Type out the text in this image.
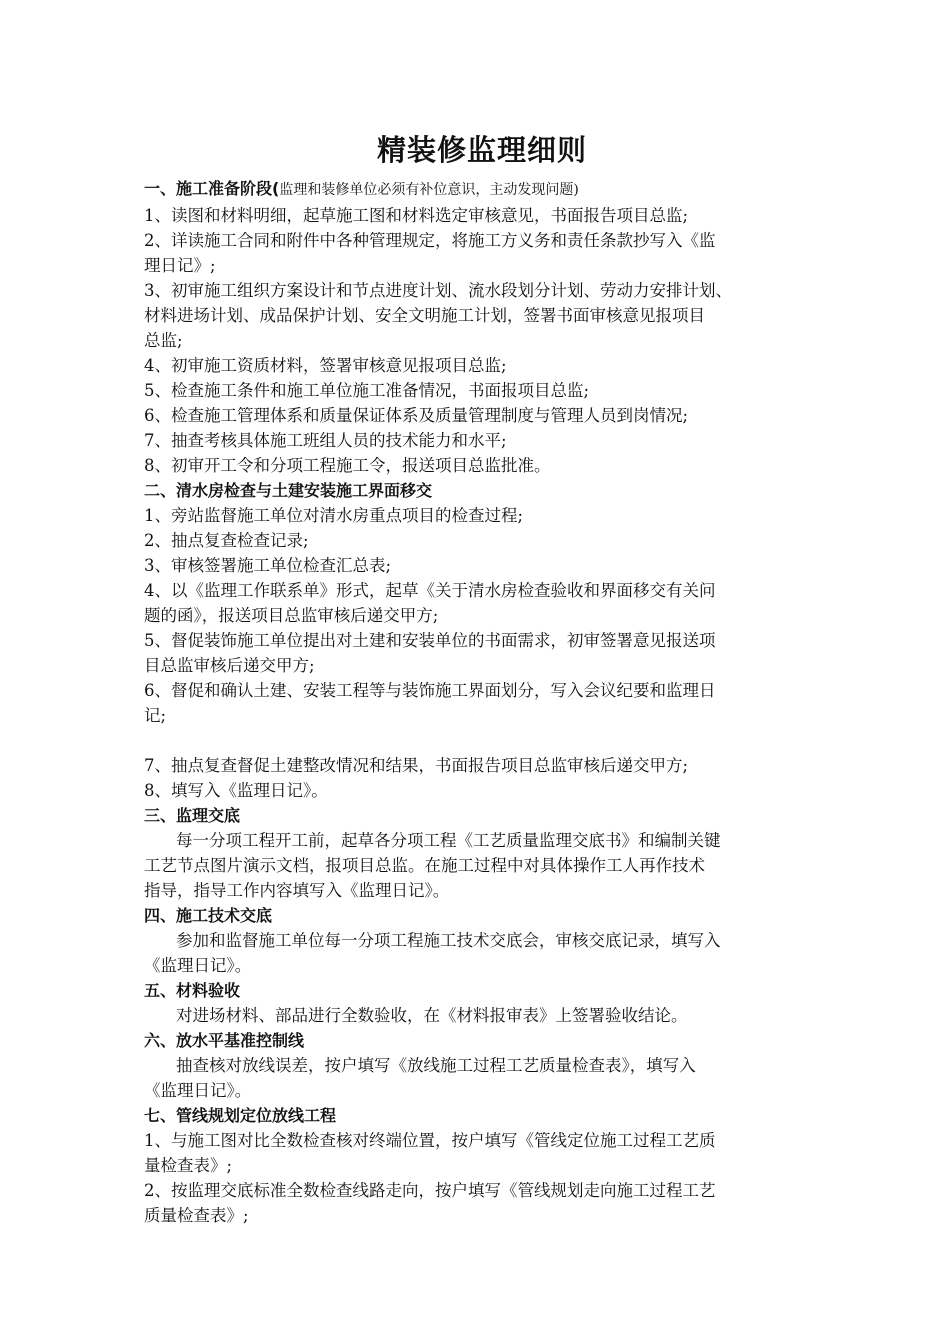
精装修监理细则
一、施工准备阶段(监理和装修单位必须有补位意识，主动发现问题)

1、读图和材料明细，起草施工图和材料选定审核意见，书面报告项目总监;

2、详读施工合同和附件中各种管理规定，将施工方义务和责任条款抄写入《监

理日记》;

3、初审施工组织方案设计和节点进度计划、流水段划分计划、劳动力安排计划、

材料进场计划、成品保护计划、安全文明施工计划，签署书面审核意见报项目

总监;

4、初审施工资质材料，签署审核意见报项目总监;

5、检查施工条件和施工单位施工准备情况，书面报项目总监;

6、检查施工管理体系和质量保证体系及质量管理制度与管理人员到岗情况;

7、抽查考核具体施工班组人员的技术能力和水平;

8、初审开工令和分项工程施工令，报送项目总监批准。

二、清水房检查与土建安装施工界面移交

1、旁站监督施工单位对清水房重点项目的检查过程;

2、抽点复查检查记录;

3、审核签署施工单位检查汇总表;

4、以《监理工作联系单》形式，起草《关于清水房检查验收和界面移交有关问

题的函》，报送项目总监审核后递交甲方;

5、督促装饰施工单位提出对土建和安装单位的书面需求，初审签署意见报送项

目总监审核后递交甲方;

6、督促和确认土建、安装工程等与装饰施工界面划分，写入会议纪要和监理日

记;

7、抽点复查督促土建整改情况和结果，书面报告项目总监审核后递交甲方;

8、填写入《监理日记》。

三、监理交底

每一分项工程开工前，起草各分项工程《工艺质量监理交底书》和编制关键

工艺节点图片演示文档，报项目总监。在施工过程中对具体操作工人再作技术

指导，指导工作内容填写入《监理日记》。

四、施工技术交底

参加和监督施工单位每一分项工程施工技术交底会，审核交底记录，填写入

《监理日记》。

五、材料验收

对进场材料、部品进行全数验收，在《材料报审表》上签署验收结论。

六、放水平基准控制线

抽查核对放线误差，按户填写《放线施工过程工艺质量检查表》，填写入

《监理日记》。

七、管线规划定位放线工程

1、与施工图对比全数检查核对终端位置，按户填写《管线定位施工过程工艺质

量检查表》;

2、按监理交底标准全数检查线路走向，按户填写《管线规划走向施工过程工艺

质量检查表》;
